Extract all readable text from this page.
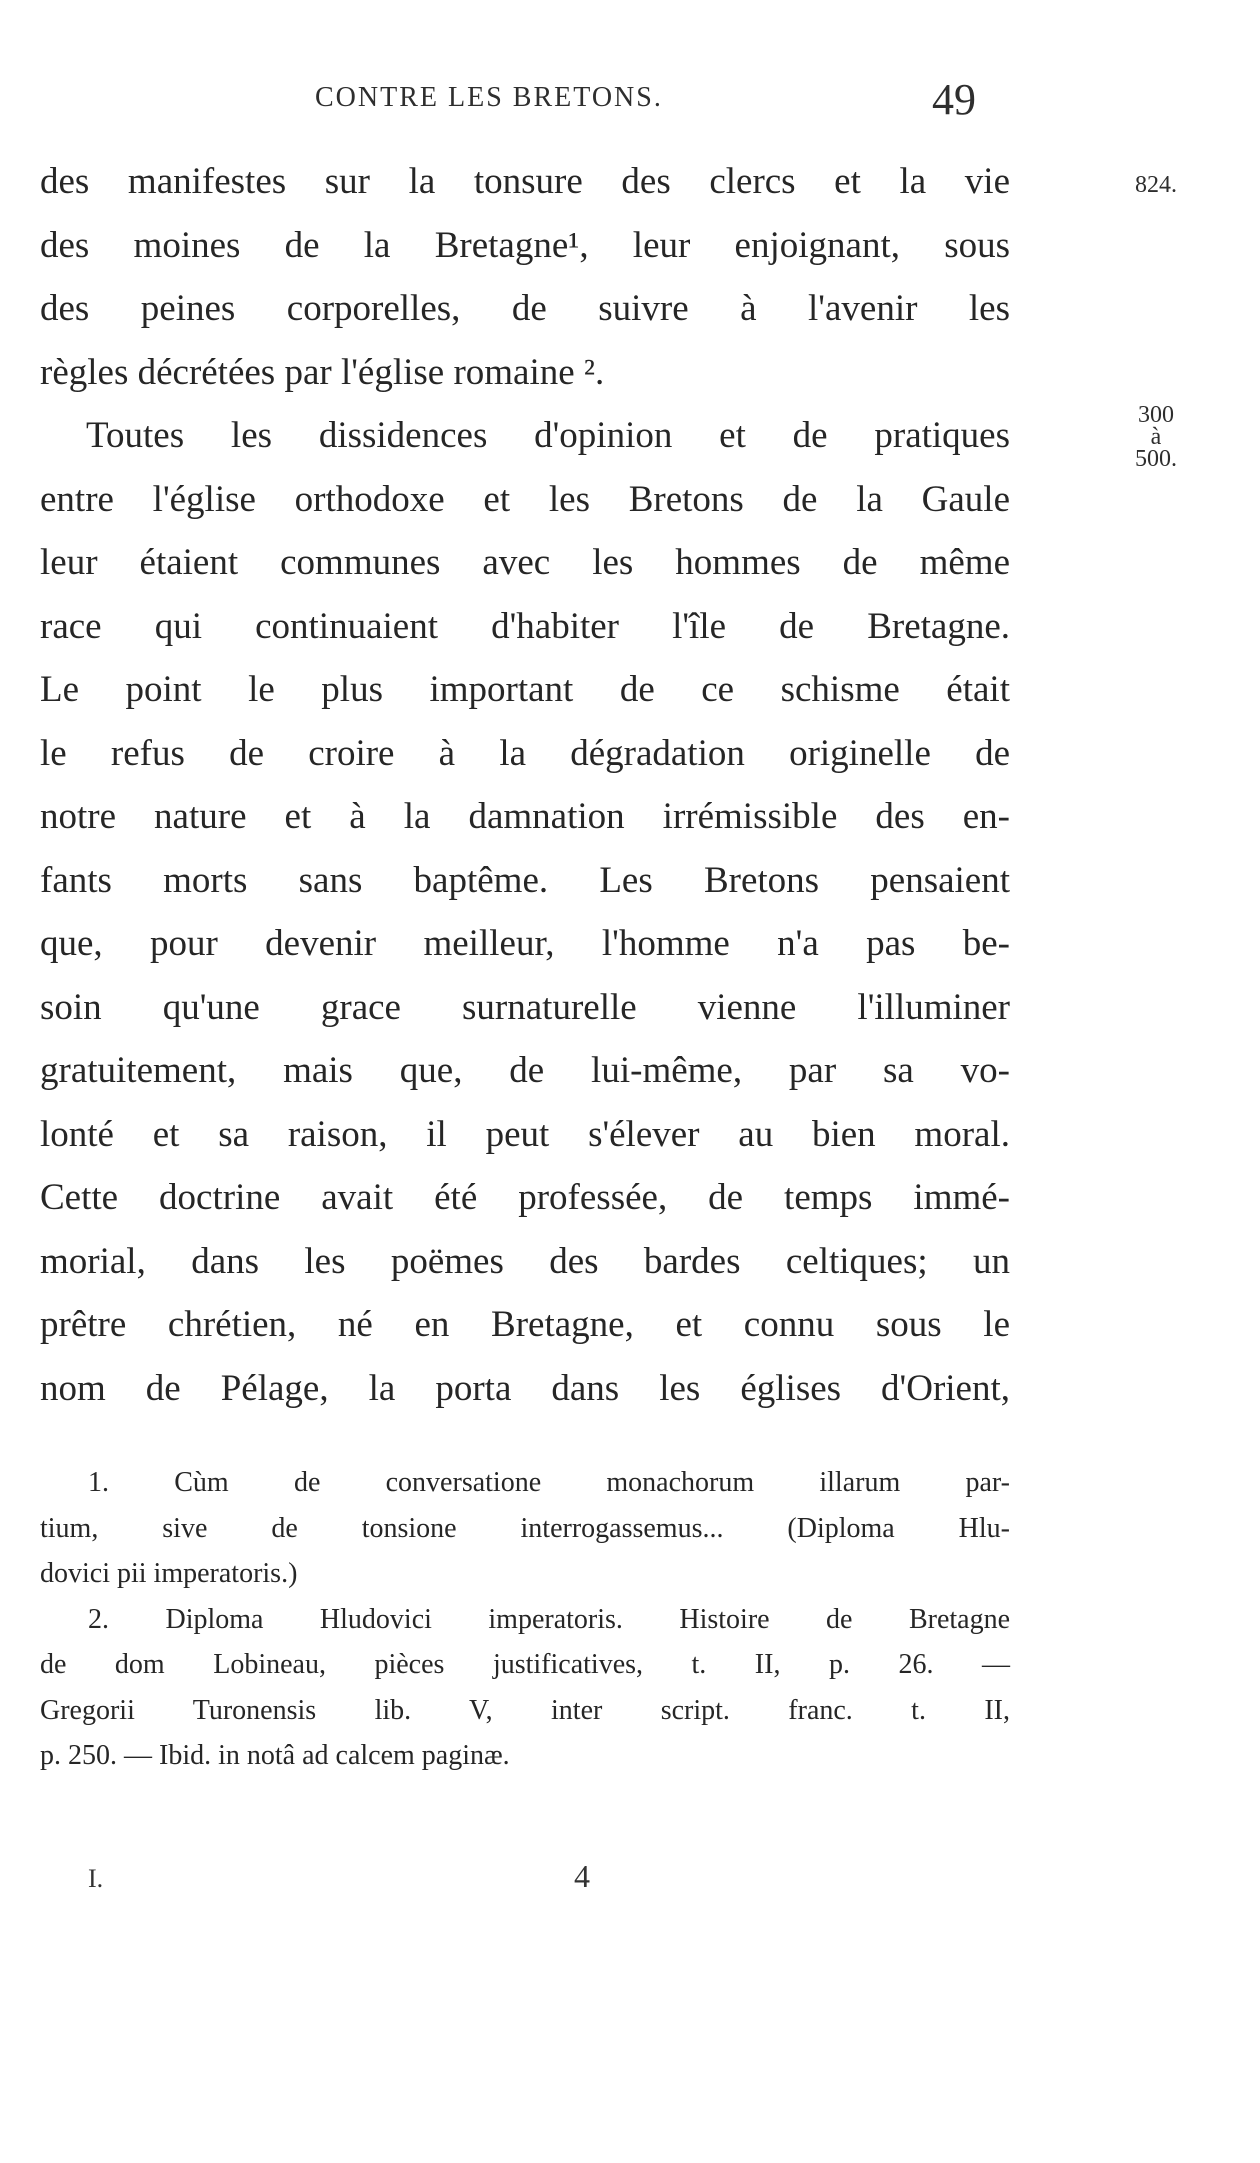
CONTRE LES BRETONS.	49
824.
300
à
500.
des manifestes sur la tonsure des clercs et la vie
des moines de la Bretagne¹, leur enjoignant, sous
des peines corporelles, de suivre à l'avenir les
règles décrétées par l'église romaine ².
Toutes les dissidences d'opinion et de pratiques
entre l'église orthodoxe et les Bretons de la Gaule
leur étaient communes avec les hommes de même
race qui continuaient d'habiter l'île de Bretagne.
Le point le plus important de ce schisme était
le refus de croire à la dégradation originelle de
notre nature et à la damnation irrémissible des en-
fants morts sans baptême. Les Bretons pensaient
que, pour devenir meilleur, l'homme n'a pas be-
soin qu'une grace surnaturelle vienne l'illuminer
gratuitement, mais que, de lui-même, par sa vo-
lonté et sa raison, il peut s'élever au bien moral.
Cette doctrine avait été professée, de temps immé-
morial, dans les poëmes des bardes celtiques; un
prêtre chrétien, né en Bretagne, et connu sous le
nom de Pélage, la porta dans les églises d'Orient,
1. Cùm de conversatione monachorum illarum par-
tium, sive de tonsione interrogassemus... (Diploma Hlu-
dovici pii imperatoris.)
2. Diploma Hludovici imperatoris. Histoire de Bretagne
de dom Lobineau, pièces justificatives, t. II, p. 26. —
Gregorii Turonensis lib. V, inter script. franc. t. II,
p. 250. — Ibid. in notâ ad calcem paginæ.
I.	4
